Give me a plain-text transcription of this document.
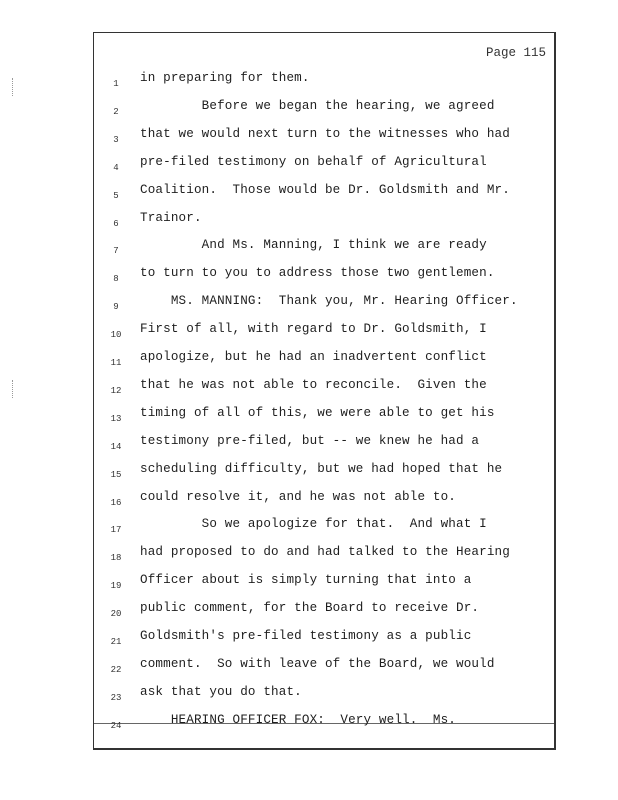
Page 115
1	in preparing for them.
2	Before we began the hearing, we agreed
3	that we would next turn to the witnesses who had
4	pre-filed testimony on behalf of Agricultural
5	Coalition.  Those would be Dr. Goldsmith and Mr.
6	Trainor.
7	And Ms. Manning, I think we are ready
8	to turn to you to address those two gentlemen.
9	MS. MANNING:  Thank you, Mr. Hearing Officer.
10	First of all, with regard to Dr. Goldsmith, I
11	apologize, but he had an inadvertent conflict
12	that he was not able to reconcile.  Given the
13	timing of all of this, we were able to get his
14	testimony pre-filed, but -- we knew he had a
15	scheduling difficulty, but we had hoped that he
16	could resolve it, and he was not able to.
17	So we apologize for that.  And what I
18	had proposed to do and had talked to the Hearing
19	Officer about is simply turning that into a
20	public comment, for the Board to receive Dr.
21	Goldsmith's pre-filed testimony as a public
22	comment.  So with leave of the Board, we would
23	ask that you do that.
24	HEARING OFFICER FOX:  Very well.  Ms.
